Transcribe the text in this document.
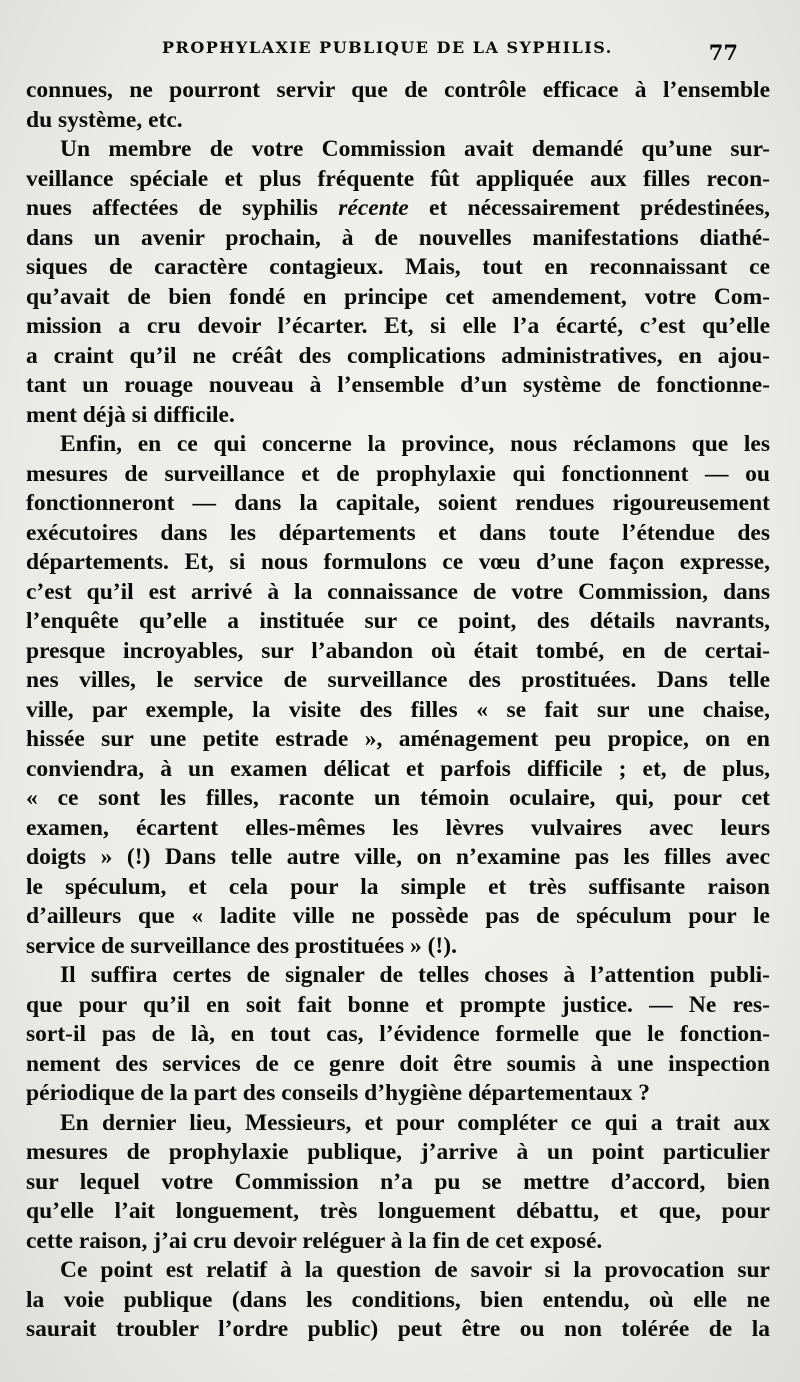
PROPHYLAXIE PUBLIQUE DE LA SYPHILIS.	77
connues, ne pourront servir que de contrôle efficace à l’ensemble
du système, etc.
Un membre de votre Commission avait demandé qu’une sur-
veillance spéciale et plus fréquente fût appliquée aux filles recon-
nues affectées de syphilis récente et nécessairement prédestinées,
dans un avenir prochain, à de nouvelles manifestations diathé-
siques de caractère contagieux. Mais, tout en reconnaissant ce
qu’avait de bien fondé en principe cet amendement, votre Com-
mission a cru devoir l’écarter. Et, si elle l’a écarté, c’est qu’elle
a craint qu’il ne créât des complications administratives, en ajou-
tant un rouage nouveau à l’ensemble d’un système de fonctionne-
ment déjà si difficile.
Enfin, en ce qui concerne la province, nous réclamons que les
mesures de surveillance et de prophylaxie qui fonctionnent — ou
fonctionneront — dans la capitale, soient rendues rigoureusement
exécutoires dans les départements et dans toute l’étendue des
départements. Et, si nous formulons ce vœu d’une façon expresse,
c’est qu’il est arrivé à la connaissance de votre Commission, dans
l’enquête qu’elle a instituée sur ce point, des détails navrants,
presque incroyables, sur l’abandon où était tombé, en de certai-
nes villes, le service de surveillance des prostituées. Dans telle
ville, par exemple, la visite des filles « se fait sur une chaise,
hissée sur une petite estrade », aménagement peu propice, on en
conviendra, à un examen délicat et parfois difficile ; et, de plus,
« ce sont les filles, raconte un témoin oculaire, qui, pour cet
examen, écartent elles-mêmes les lèvres vulvaires avec leurs
doigts » (!) Dans telle autre ville, on n’examine pas les filles avec
le spéculum, et cela pour la simple et très suffisante raison
d’ailleurs que « ladite ville ne possède pas de spéculum pour le
service de surveillance des prostituées » (!).
Il suffira certes de signaler de telles choses à l’attention publi-
que pour qu’il en soit fait bonne et prompte justice. — Ne res-
sort-il pas de là, en tout cas, l’évidence formelle que le fonction-
nement des services de ce genre doit être soumis à une inspection
périodique de la part des conseils d’hygiène départementaux ?
En dernier lieu, Messieurs, et pour compléter ce qui a trait aux
mesures de prophylaxie publique, j’arrive à un point particulier
sur lequel votre Commission n’a pu se mettre d’accord, bien
qu’elle l’ait longuement, très longuement débattu, et que, pour
cette raison, j’ai cru devoir reléguer à la fin de cet exposé.
Ce point est relatif à la question de savoir si la provocation sur
la voie publique (dans les conditions, bien entendu, où elle ne
saurait troubler l’ordre public) peut être ou non tolérée de la
